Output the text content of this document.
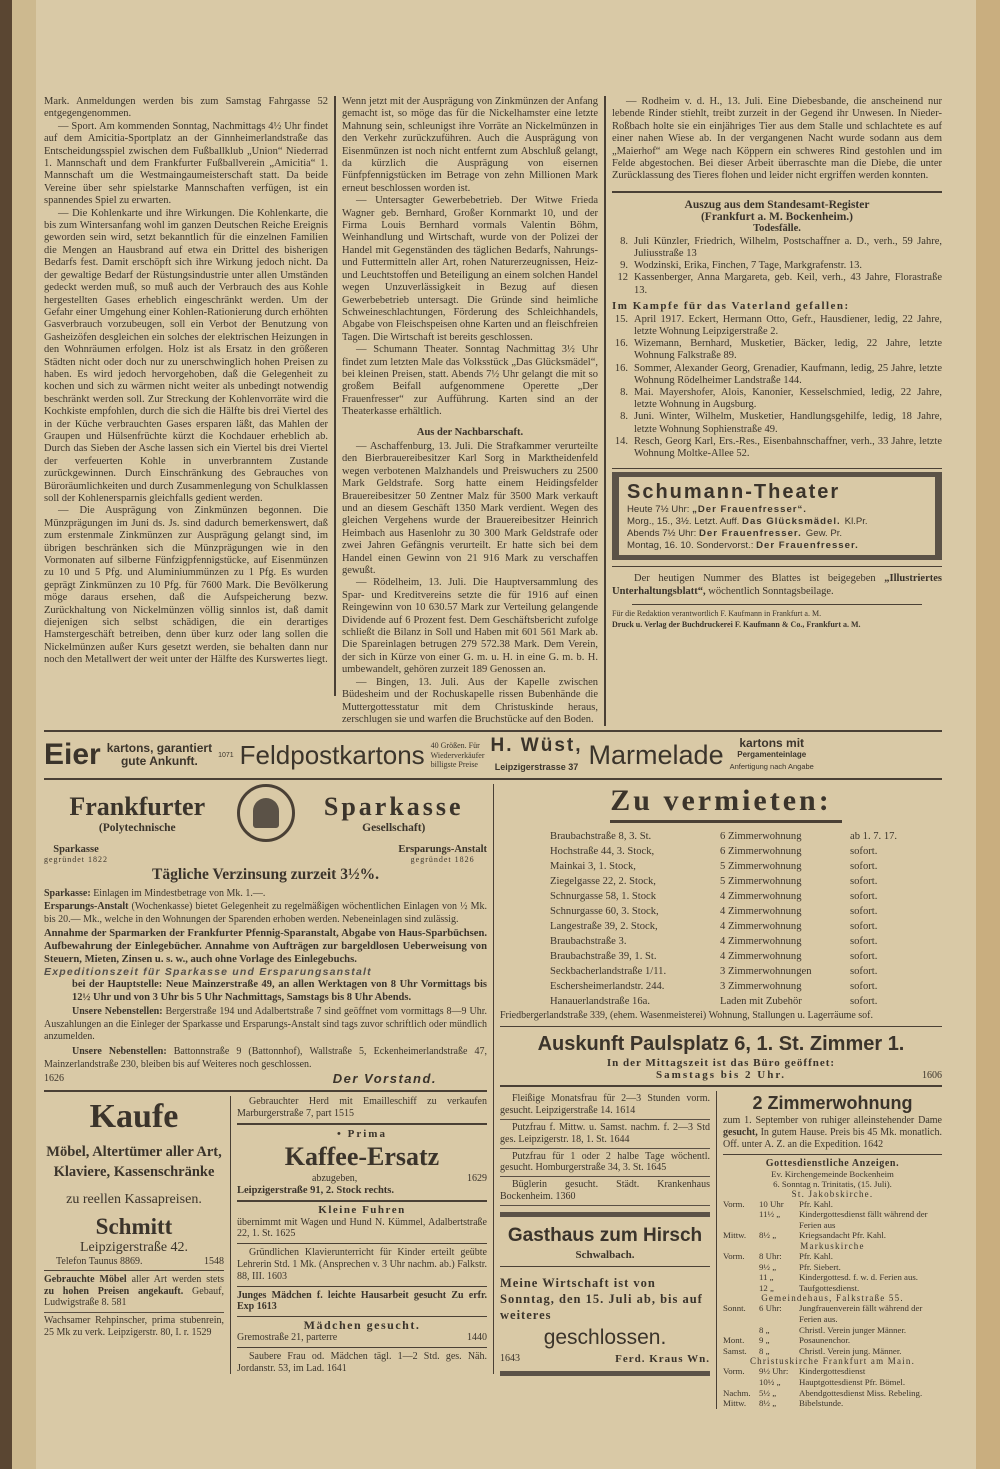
Mark. Anmeldungen werden bis zum Samstag Fahrgasse 52 entgegengenommen.

— Sport. Am kommenden Sonntag, Nachmittags 4½ Uhr findet auf dem Amicitia-Sportplatz an der Ginnheimerlandstraße das Entscheidungsspiel zwischen dem Fußballklub „Union“ Niederrad 1. Mannschaft und dem Frankfurter Fußballverein „Amicitia“ 1. Mannschaft um die Westmaingaumeisterschaft statt. Da beide Vereine über sehr spielstarke Mannschaften verfügen, ist ein spannendes Spiel zu erwarten.

— Die Kohlenkarte und ihre Wirkungen. Die Kohlenkarte, die bis zum Wintersanfang wohl im ganzen Deutschen Reiche Ereignis geworden sein wird, setzt bekanntlich für die einzelnen Familien die Mengen an Hausbrand auf etwa ein Drittel des bisherigen Bedarfs fest. Damit erschöpft sich ihre Wirkung jedoch nicht. Da der gewaltige Bedarf der Rüstungsindustrie unter allen Umständen gedeckt werden muß, so muß auch der Verbrauch des aus Kohle hergestellten Gases erheblich eingeschränkt werden. Um der Gefahr einer Umgehung einer Kohlen-Rationierung durch erhöhten Gasverbrauch vorzubeugen, soll ein Verbot der Benutzung von Gasheizöfen desgleichen ein solches der elektrischen Heizungen in den Wohnräumen erfolgen. Holz ist als Ersatz in den größeren Städten nicht oder doch nur zu unerschwinglich hohen Preisen zu haben. Es wird jedoch hervorgehoben, daß die Gelegenheit zu kochen und sich zu wärmen nicht weiter als unbedingt notwendig beschränkt werden soll. Zur Streckung der Kohlenvorräte wird die Kochkiste empfohlen, durch die sich die Hälfte bis drei Viertel des in der Küche verbrauchten Gases ersparen läßt, das Mahlen der Graupen und Hülsenfrüchte kürzt die Kochdauer erheblich ab. Durch das Sieben der Asche lassen sich ein Viertel bis drei Viertel der verfeuerten Kohle in unverbranntem Zustande zurückgewinnen. Durch Einschränkung des Gebrauches von Büroräumlichkeiten und durch Zusammenlegung von Schulklassen soll der Kohlenersparnis gleichfalls gedient werden.

— Die Ausprägung von Zinkmünzen begonnen. Die Münzprägungen im Juni ds. Js. sind dadurch bemerkenswert, daß zum erstenmale Zinkmünzen zur Ausprägung gelangt sind, im übrigen beschränken sich die Münzprägungen wie in den Vormonaten auf silberne Fünfzigpfennigstücke, auf Eisenmünzen zu 10 und 5 Pfg. und Aluminiummünzen zu 1 Pfg. Es wurden geprägt Zinkmünzen zu 10 Pfg. für 7600 Mark. Die Bevölkerung möge daraus ersehen, daß die Aufspeicherung bezw. Zurückhaltung von Nickelmünzen völlig sinnlos ist, daß damit diejenigen sich selbst schädigen, die ein derartiges Hamstergeschäft betreiben, denn über kurz oder lang sollen die Nickelmünzen außer Kurs gesetzt werden, sie behalten dann nur noch den Metallwert der weit unter der Hälfte des Kurswertes liegt.

Wenn jetzt mit der Ausprägung von Zinkmünzen der Anfang gemacht ist, so möge das für die Nickelhamster eine letzte Mahnung sein, schleunigst ihre Vorräte an Nickelmünzen in den Verkehr zurückzuführen. Auch die Ausprägung von Eisenmünzen ist noch nicht entfernt zum Abschluß gelangt, da kürzlich die Ausprägung von eisernen Fünfpfennigstücken im Betrage von zehn Millionen Mark erneut beschlossen worden ist.

— Untersagter Gewerbebetrieb. Der Witwe Frieda Wagner geb. Bernhard, Großer Kornmarkt 10, und der Firma Louis Bernhard vormals Valentin Böhm, Weinhandlung und Wirtschaft, wurde von der Polizei der Handel mit Gegenständen des täglichen Bedarfs, Nahrungs- und Futtermitteln aller Art, rohen Naturerzeugnissen, Heiz- und Leuchtstoffen und Beteiligung an einem solchen Handel wegen Unzuverlässigkeit in Bezug auf diesen Gewerbebetrieb untersagt. Die Gründe sind heimliche Schweineschlachtungen, Förderung des Schleichhandels, Abgabe von Fleischspeisen ohne Karten und an fleischfreien Tagen. Die Wirtschaft ist bereits geschlossen.

— Schumann Theater. Sonntag Nachmittag 3½ Uhr findet zum letzten Male das Volksstück „Das Glücksmädel“, bei kleinen Preisen, statt. Abends 7½ Uhr gelangt die mit so großem Beifall aufgenommene Operette „Der Frauenfresser“ zur Aufführung. Karten sind an der Theaterkasse erhältlich.

Aus der Nachbarschaft.

— Aschaffenburg, 13. Juli. Die Strafkammer verurteilte den Bierbrauereibesitzer Karl Sorg in Marktheidenfeld wegen verbotenen Malzhandels und Preiswuchers zu 2500 Mark Geldstrafe. Sorg hatte einem Heidingsfelder Brauereibesitzer 50 Zentner Malz für 3500 Mark verkauft und an diesem Geschäft 1350 Mark verdient. Wegen des gleichen Vergehens wurde der Brauereibesitzer Heinrich Heimbach aus Hasenlohr zu 30 300 Mark Geldstrafe oder zwei Jahren Gefängnis verurteilt. Er hatte sich bei dem Handel einen Gewinn von 21 916 Mark zu verschaffen gewußt.

— Rödelheim, 13. Juli. Die Hauptversammlung des Spar- und Kreditvereins setzte die für 1916 auf einen Reingewinn von 10 630.57 Mark zur Verteilung gelangende Dividende auf 6 Prozent fest. Dem Geschäftsbericht zufolge schließt die Bilanz in Soll und Haben mit 601 561 Mark ab. Die Spareinlagen betrugen 279 572.38 Mark. Dem Verein, der sich in Kürze von einer G. m. u. H. in eine G. m. b. H. umbewandelt, gehören zurzeit 189 Genossen an.

— Bingen, 13. Juli. Aus der Kapelle zwischen Büdesheim und der Rochuskapelle rissen Bubenhände die Muttergottesstatur mit dem Christuskinde heraus, zerschlugen sie und warfen die Bruchstücke auf den Boden.

— Rodheim v. d. H., 13. Juli. Eine Diebesbande, die anscheinend nur lebende Rinder stiehlt, treibt zurzeit in der Gegend ihr Unwesen. In Nieder-Roßbach holte sie ein einjähriges Tier aus dem Stalle und schlachtete es auf einer nahen Wiese ab. In der vergangenen Nacht wurde sodann aus dem „Maierhof“ am Wege nach Köppern ein schweres Rind gestohlen und im Felde abgestochen. Bei dieser Arbeit überraschte man die Diebe, die unter Zurücklassung des Tieres flohen und leider nicht ergriffen werden konnten.

Auszug aus dem Standesamt-Register
(Frankfurt a. M. Bockenheim.)
Todesfälle.
8. Juli Künzler, Friedrich, Wilhelm, Postschaffner a. D., verh., 59 Jahre, Juliusstraße 13
9. Wodzinski, Erika, Finchen, 7 Tage, Markgrafenstr. 13.
12 Kassenberger, Anna Margareta, geb. Keil, verh., 43 Jahre, Florastraße 13.
Im Kampfe für das Vaterland gefallen:
15. April 1917. Eckert, Hermann Otto, Gefr., Hausdiener, ledig, 22 Jahre, letzte Wohnung Leipzigerstraße 2.
16. Wizemann, Bernhard, Musketier, Bäcker, ledig, 22 Jahre, letzte Wohnung Falkstraße 89.
16. Sommer, Alexander Georg, Grenadier, Kaufmann, ledig, 25 Jahre, letzte Wohnung Rödelheimer Landstraße 144.
8. Mai. Mayershofer, Alois, Kanonier, Kesselschmied, ledig, 22 Jahre, letzte Wohnung in Augsburg.
8. Juni. Winter, Wilhelm, Musketier, Handlungsgehilfe, ledig, 18 Jahre, letzte Wohnung Sophienstraße 49.
14. Resch, Georg Karl, Ers.-Res., Eisenbahnschaffner, verh., 33 Jahre, letzte Wohnung Moltke-Allee 52.
Schumann-Theater
Heute 7½ Uhr: „Der Frauenfresser“.
Morg., 15., 3½. Letzt. Auff. Das Glücksmädel. Kl.Pr.
Abends 7½ Uhr: Der Frauenfresser. Gew. Pr.
Montag, 16. 10. Sondervorst.: Der Frauenfresser.
Der heutigen Nummer des Blattes ist beigegeben „Illustriertes Unterhaltungsblatt“, wöchentlich Sonntagsbeilage.
Für die Redaktion verantwortlich F. Kaufmann in Frankfurt a. M.
Druck u. Verlag der Buchdruckerei F. Kaufmann & Co., Frankfurt a. M.
Eier kartons, garantiert
gute Ankunft.	1071 Feldpostkartons 40 Größen. Für
Wiederverkäufer
billigste Preise
H. Wüst,
Leipzigerstrasse 37 Marmelade	kartons mit
Pergamenteinlage
Anfertigung nach Angabe
Frankfurter
(Polytechnische
Sparkasse
Gesellschaft)
Sparkasse
gegründet 1822
Ersparungs-Anstalt
gegründet 1826
Tägliche Verzinsung zurzeit 3½%.
Sparkasse: Einlagen im Mindestbetrage von Mk. 1.—.
Ersparungs-Anstalt (Wochenkasse) bietet Gelegenheit zu regelmäßigen wöchentlichen Einlagen von ½ Mk. bis 20.— Mk., welche in den Wohnungen der Sparenden erhoben werden. Nebeneinlagen sind zulässig.
Annahme der Sparmarken der Frankfurter Pfennig-Sparanstalt, Abgabe von Haus-Sparbüchsen. Aufbewahrung der Einlegebücher. Annahme von Aufträgen zur bargeldlosen Ueberweisung von Steuern, Mieten, Zinsen u. s. w., auch ohne Vorlage des Einlegebuchs.
Expeditionszeit für Sparkasse und Ersparungsanstalt
bei der Hauptstelle: Neue Mainzerstraße 49, an allen Werktagen von 8 Uhr Vormittags bis 12½ Uhr und von 3 Uhr bis 5 Uhr Nachmittags, Samstags bis 8 Uhr Abends.
Unsere Nebenstellen: Bergerstraße 194 und Adalbertstraße 7 sind geöffnet vom vormittags 8—9 Uhr. Auszahlungen an die Einleger der Sparkasse und Ersparungs-Anstalt sind tags zuvor schriftlich oder mündlich anzumelden.
Unsere Nebenstellen: Battonnstraße 9 (Battonnhof), Wallstraße 5, Eckenheimerlandstraße 47, Mainzerlandstraße 230, bleiben bis auf Weiteres noch geschlossen.
1626	Der Vorstand.
Kaufe
Möbel, Altertümer aller Art, Klaviere, Kassenschränke
zu reellen Kassapreisen.
Schmitt
Leipzigerstraße 42.
Telefon Taunus 8869.	1548
Gebrauchte Möbel aller Art werden stets zu hohen Preisen angekauft. Gebauf, Ludwigstraße 8. 581
Wachsamer Rehpinscher, prima stubenrein, 25 Mk zu verk. Leipzigerstr. 80, I. r. 1529
Gebrauchter Herd mit Emailleschiff zu verkaufen Marburgerstraße 7, part 1515
• Prima
Kaffee-Ersatz
abzugeben,	1629
Leipzigerstraße 91, 2. Stock rechts.
Kleine Fuhren
übernimmt mit Wagen und Hund N. Kümmel, Adalbertstraße 22, 1. St. 1625
Gründlichen Klavierunterricht für Kinder erteilt geübte Lehrerin Std. 1 Mk. (Ansprechen v. 3 Uhr nachm. ab.) Falkstr. 88, III. 1603
Junges Mädchen f. leichte Hausarbeit gesucht Zu erfr. Exp 1613
Mädchen gesucht.
Gremostraße 21, parterre	1440
Saubere Frau od. Mädchen tägl. 1—2 Std. ges. Näh. Jordanstr. 53, im Lad. 1641
Zu vermieten:
Braubachstraße 8, 3. St.	6 Zimmerwohnung	ab 1. 7. 17.
Hochstraße 44, 3. Stock,	6 Zimmerwohnung	sofort.
Mainkai 3, 1. Stock,	5 Zimmerwohnung	sofort.
Ziegelgasse 22, 2. Stock,	5 Zimmerwohnung	sofort.
Schnurgasse 58, 1. Stock	4 Zimmerwohnung	sofort.
Schnurgasse 60, 3. Stock,	4 Zimmerwohnung	sofort.
Langestraße 39, 2. Stock,	4 Zimmerwohnung	sofort.
Braubachstraße 3.	4 Zimmerwohnung	sofort.
Braubachstraße 39, 1. St.	4 Zimmerwohnung	sofort.
Seckbacherlandstraße 1/11.	3 Zimmerwohnungen	sofort.
Eschersheimerlandstr. 244.	3 Zimmerwohnung	sofort.
Hanauerlandstraße 16a.	Laden mit Zubehör	sofort.
Friedbergerlandstraße 339, (ehem. Wasenmeisterei) Wohnung, Stallungen u. Lagerräume sof.
Auskunft Paulsplatz 6, 1. St. Zimmer 1.
In der Mittagszeit ist das Büro geöffnet:
Samstags bis 2 Uhr.	1606
Fleißige Monatsfrau für 2—3 Stunden vorm. gesucht. Leipzigerstraße 14. 1614
Putzfrau f. Mittw. u. Samst. nachm. f. 2—3 Std ges. Leipzigerstr. 18, 1. St. 1644
Putzfrau für 1 oder 2 halbe Tage wöchentl. gesucht. Homburgerstraße 34, 3. St. 1645
Büglerin gesucht. Städt. Krankenhaus Bockenheim. 1360
Gasthaus zum Hirsch
Schwalbach.
Meine Wirtschaft ist von Sonntag, den 15. Juli ab, bis auf weiteres
geschlossen.
1643	Ferd. Kraus Wn.
2 Zimmerwohnung
zum 1. September von ruhiger alleinstehender Dame gesucht, In gutem Hause. Preis bis 45 Mk. monatlich. Off. unter A. Z. an die Expedition. 1642
Gottesdienstliche Anzeigen.
Ev. Kirchengemeinde Bockenheim
6. Sonntag n. Trinitatis, (15. Juli).
St. Jakobskirche.
Vorm.	10 Uhr	Pfr. Kahl.
11½ „	Kindergottesdienst fällt während der Ferien aus
Mittw.	8½ „	Kriegsandacht Pfr. Kahl.
Markuskirche
Vorm.	8 Uhr:	Pfr. Kahl.
9½ „	Pfr. Siebert.
11 „	Kindergottesd. f. w. d. Ferien aus.
12 „	Taufgottesdienst.
Gemeindehaus, Falkstraße 55.
Sonnt.	6 Uhr:	Jungfrauenverein fällt während der Ferien aus.
8 „	Christl. Verein junger Männer.
Mont.	9 „	Posaunenchor.
Samst.	8 „	Christl. Verein jung. Männer.
Christuskirche Frankfurt am Main.
Vorm.	9½ Uhr:	Kindergottesdienst
10½ „	Hauptgottesdienst Pfr. Bömel.
Nachm. 5½ „	Abendgottesdienst Miss. Rebeling.
Mittw.	8½ „	Bibelstunde.
